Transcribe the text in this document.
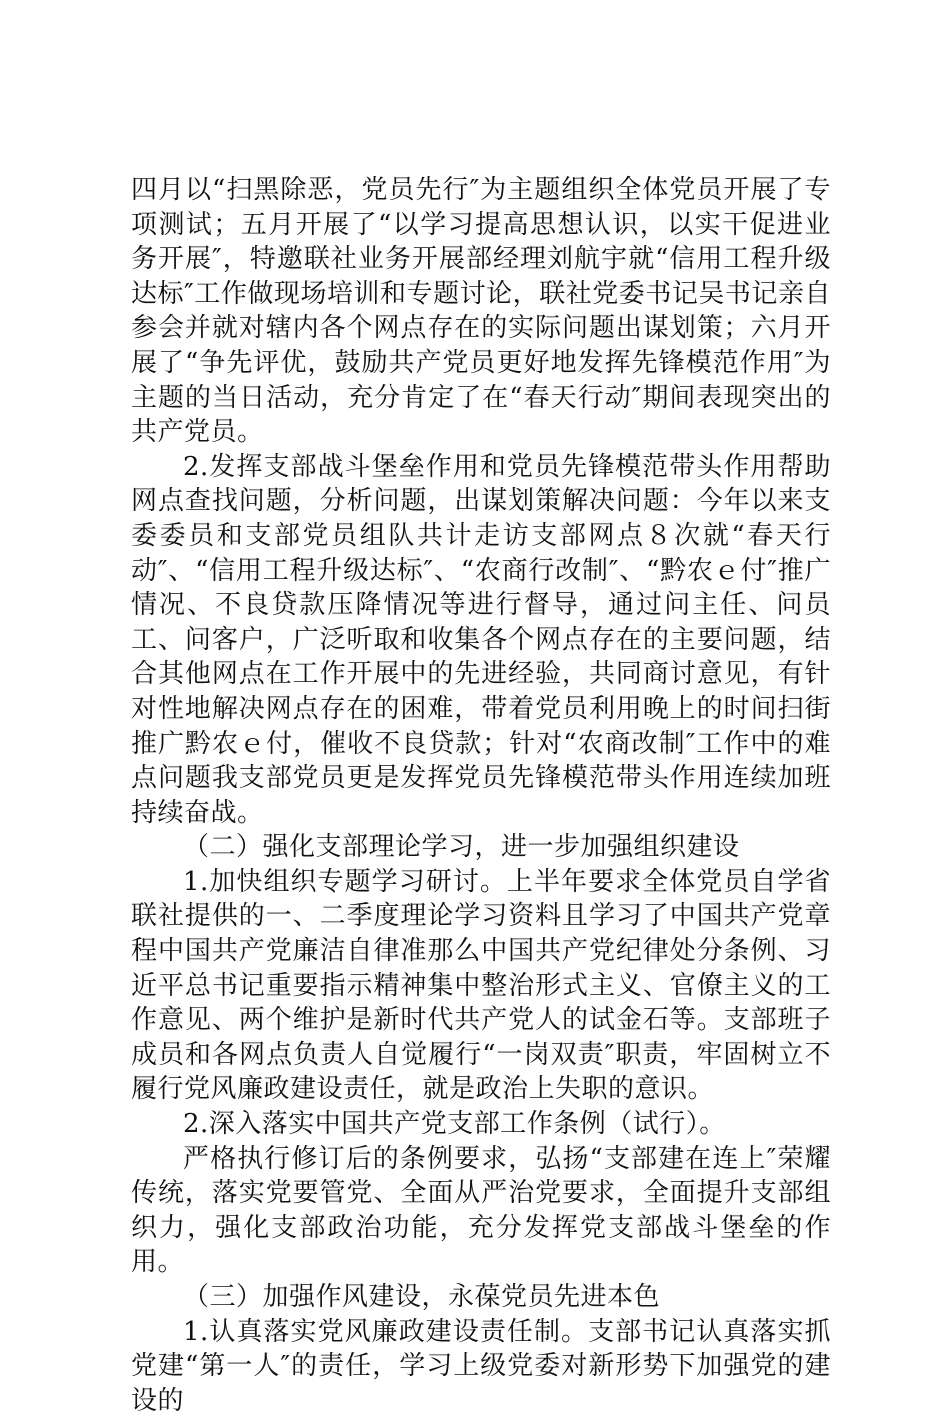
四月以“扫黑除恶，党员先行″为主题组织全体党员开展了专项测试；五月开展了“以学习提高思想认识，以实干促进业务开展″，特邀联社业务开展部经理刘航宇就“信用工程升级达标″工作做现场培训和专题讨论，联社党委书记吴书记亲自参会并就对辖内各个网点存在的实际问题出谋划策；六月开展了“争先评优，鼓励共产党员更好地发挥先锋模范作用″为主题的当日活动，充分肯定了在“春天行动″期间表现突出的共产党员。

2.发挥支部战斗堡垒作用和党员先锋模范带头作用帮助网点查找问题，分析问题，出谋划策解决问题：今年以来支委委员和支部党员组队共计走访支部网点８次就“春天行动″、“信用工程升级达标″、“农商行改制″、“黔农ｅ付″推广情况、不良贷款压降情况等进行督导，通过问主任、问员工、问客户，广泛听取和收集各个网点存在的主要问题，结合其他网点在工作开展中的先进经验，共同商讨意见，有针对性地解决网点存在的困难，带着党员利用晚上的时间扫街推广黔农ｅ付，催收不良贷款；针对“农商改制″工作中的难点问题我支部党员更是发挥党员先锋模范带头作用连续加班持续奋战。

（二）强化支部理论学习，进一步加强组织建设

1.加快组织专题学习研讨。上半年要求全体党员自学省联社提供的一、二季度理论学习资料且学习了中国共产党章程中国共产党廉洁自律准那么中国共产党纪律处分条例、习近平总书记重要指示精神集中整治形式主义、官僚主义的工作意见、两个维护是新时代共产党人的试金石等。支部班子成员和各网点负责人自觉履行“一岗双责″职责，牢固树立不履行党风廉政建设责任，就是政治上失职的意识。

2.深入落实中国共产党支部工作条例（试行）。

严格执行修订后的条例要求，弘扬“支部建在连上″荣耀传统，落实党要管党、全面从严治党要求，全面提升支部组织力，强化支部政治功能，充分发挥党支部战斗堡垒的作用。

（三）加强作风建设，永葆党员先进本色

1.认真落实党风廉政建设责任制。支部书记认真落实抓党建“第一人″的责任，学习上级党委对新形势下加强党的建设的
